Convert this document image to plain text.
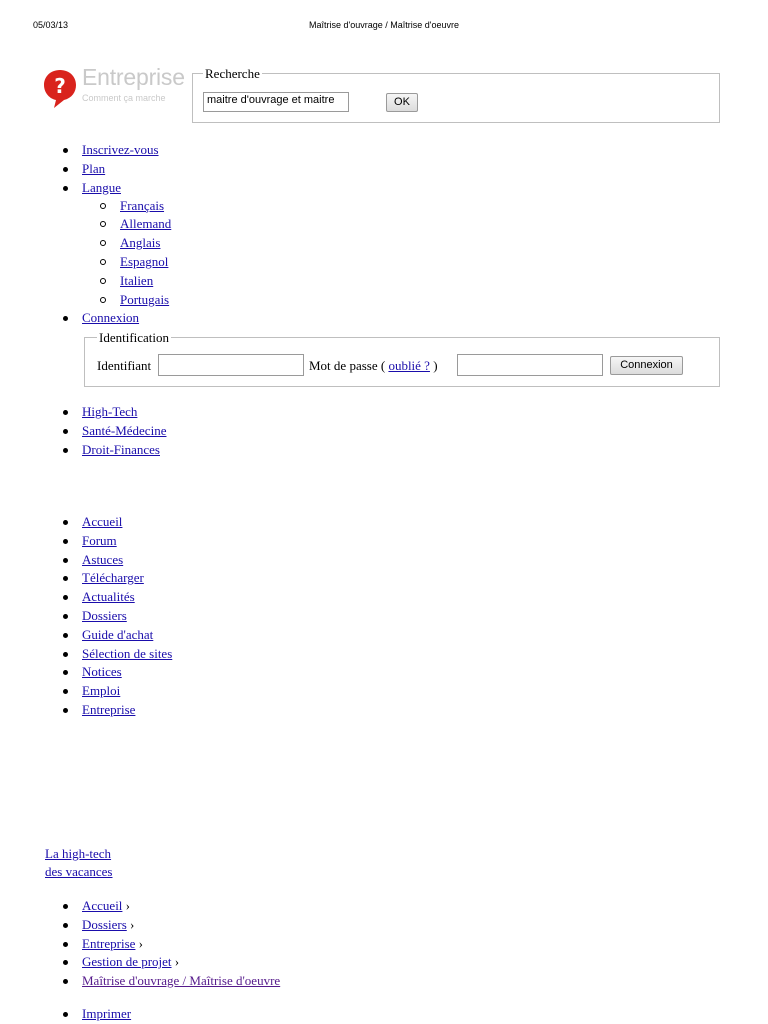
05/03/13	Maîtrise d'ouvrage / Maîtrise d'oeuvre
? Entreprise
Comment ça marche
Recherche
maitre d'ouvrage et maitre	OK
Inscrivez-vous
Plan
Langue
Français
Allemand
Anglais
Espagnol
Italien
Portugais
Connexion
Identification
Identifiant	Mot de passe ( oublié ? )	Connexion
High-Tech
Santé-Médecine
Droit-Finances
Accueil
Forum
Astuces
Télécharger
Actualités
Dossiers
Guide d'achat
Sélection de sites
Notices
Emploi
Entreprise
La high-tech
des vacances
Accueil ›
Dossiers ›
Entreprise ›
Gestion de projet ›
Maîtrise d'ouvrage / Maîtrise d'oeuvre
Imprimer
